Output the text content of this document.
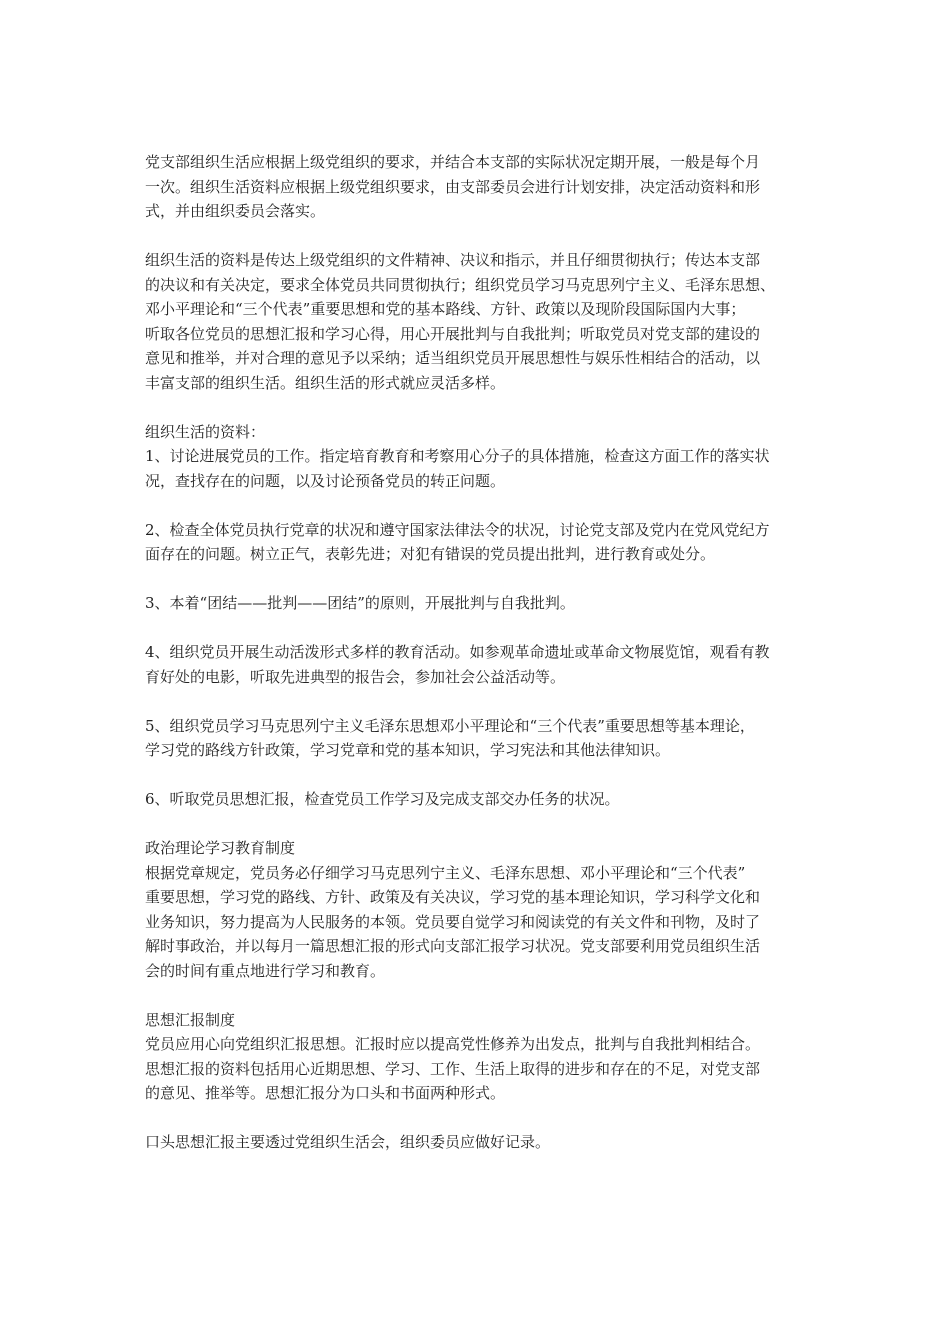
党支部组织生活应根据上级党组织的要求，并结合本支部的实际状况定期开展，一般是每个月
一次。组织生活资料应根据上级党组织要求，由支部委员会进行计划安排，决定活动资料和形
式，并由组织委员会落实。
组织生活的资料是传达上级党组织的文件精神、决议和指示，并且仔细贯彻执行；传达本支部
的决议和有关决定，要求全体党员共同贯彻执行；组织党员学习马克思列宁主义、毛泽东思想、
邓小平理论和“三个代表”重要思想和党的基本路线、方针、政策以及现阶段国际国内大事；
听取各位党员的思想汇报和学习心得，用心开展批判与自我批判；听取党员对党支部的建设的
意见和推举，并对合理的意见予以采纳；适当组织党员开展思想性与娱乐性相结合的活动，以
丰富支部的组织生活。组织生活的形式就应灵活多样。
组织生活的资料：
1、讨论进展党员的工作。指定培育教育和考察用心分子的具体措施，检查这方面工作的落实状
况，查找存在的问题，以及讨论预备党员的转正问题。
2、检查全体党员执行党章的状况和遵守国家法律法令的状况，讨论党支部及党内在党风党纪方
面存在的问题。树立正气，表彰先进；对犯有错误的党员提出批判，进行教育或处分。
3、本着“团结——批判——团结”的原则，开展批判与自我批判。
4、组织党员开展生动活泼形式多样的教育活动。如参观革命遗址或革命文物展览馆，观看有教
育好处的电影，听取先进典型的报告会，参加社会公益活动等。
5、组织党员学习马克思列宁主义毛泽东思想邓小平理论和“三个代表”重要思想等基本理论，
学习党的路线方针政策，学习党章和党的基本知识，学习宪法和其他法律知识。
6、听取党员思想汇报，检查党员工作学习及完成支部交办任务的状况。
政治理论学习教育制度
根据党章规定，党员务必仔细学习马克思列宁主义、毛泽东思想、邓小平理论和“三个代表”
重要思想，学习党的路线、方针、政策及有关决议，学习党的基本理论知识，学习科学文化和
业务知识，努力提高为人民服务的本领。党员要自觉学习和阅读党的有关文件和刊物，及时了
解时事政治，并以每月一篇思想汇报的形式向支部汇报学习状况。党支部要利用党员组织生活
会的时间有重点地进行学习和教育。
思想汇报制度
党员应用心向党组织汇报思想。汇报时应以提高党性修养为出发点，批判与自我批判相结合。
思想汇报的资料包括用心近期思想、学习、工作、生活上取得的进步和存在的不足，对党支部
的意见、推举等。思想汇报分为口头和书面两种形式。
口头思想汇报主要透过党组织生活会，组织委员应做好记录。
